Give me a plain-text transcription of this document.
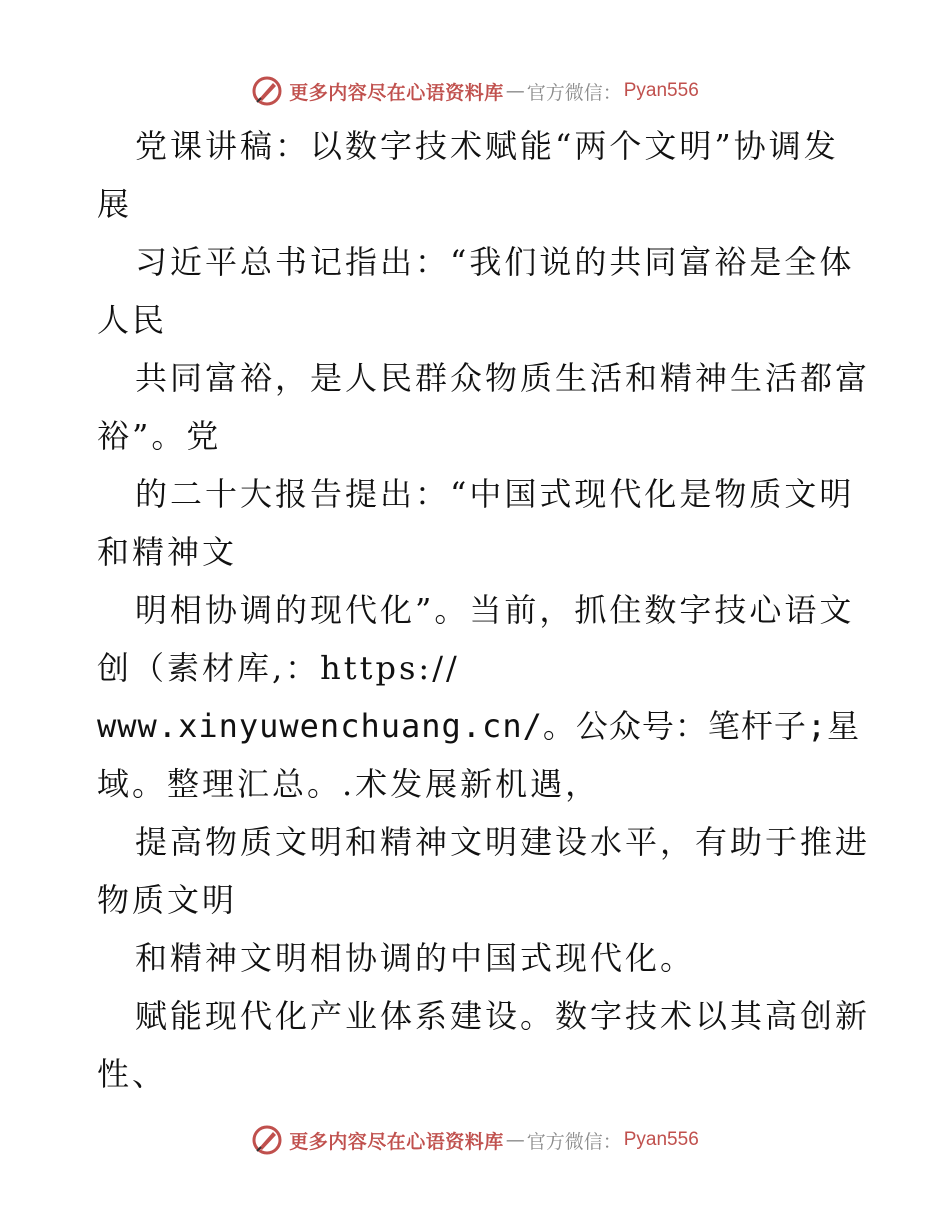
更多内容尽在心语资料库 — 官方微信： Pyan556
党课讲稿：以数字技术赋能“两个文明”协调发
展
习近平总书记指出：“我们说的共同富裕是全体
人民
共同富裕，是人民群众物质生活和精神生活都富
裕”。党
的二十大报告提出：“中国式现代化是物质文明
和精神文
明相协调的现代化”。当前，抓住数字技心语文
创（素材库,：https://
www.xinyuwenchuang.cn/。公众号：笔杆子;星
域。整理汇总。.术发展新机遇，
提高物质文明和精神文明建设水平，有助于推进
物质文明
和精神文明相协调的中国式现代化。
赋能现代化产业体系建设。数字技术以其高创新
性、
更多内容尽在心语资料库 — 官方微信： Pyan556
